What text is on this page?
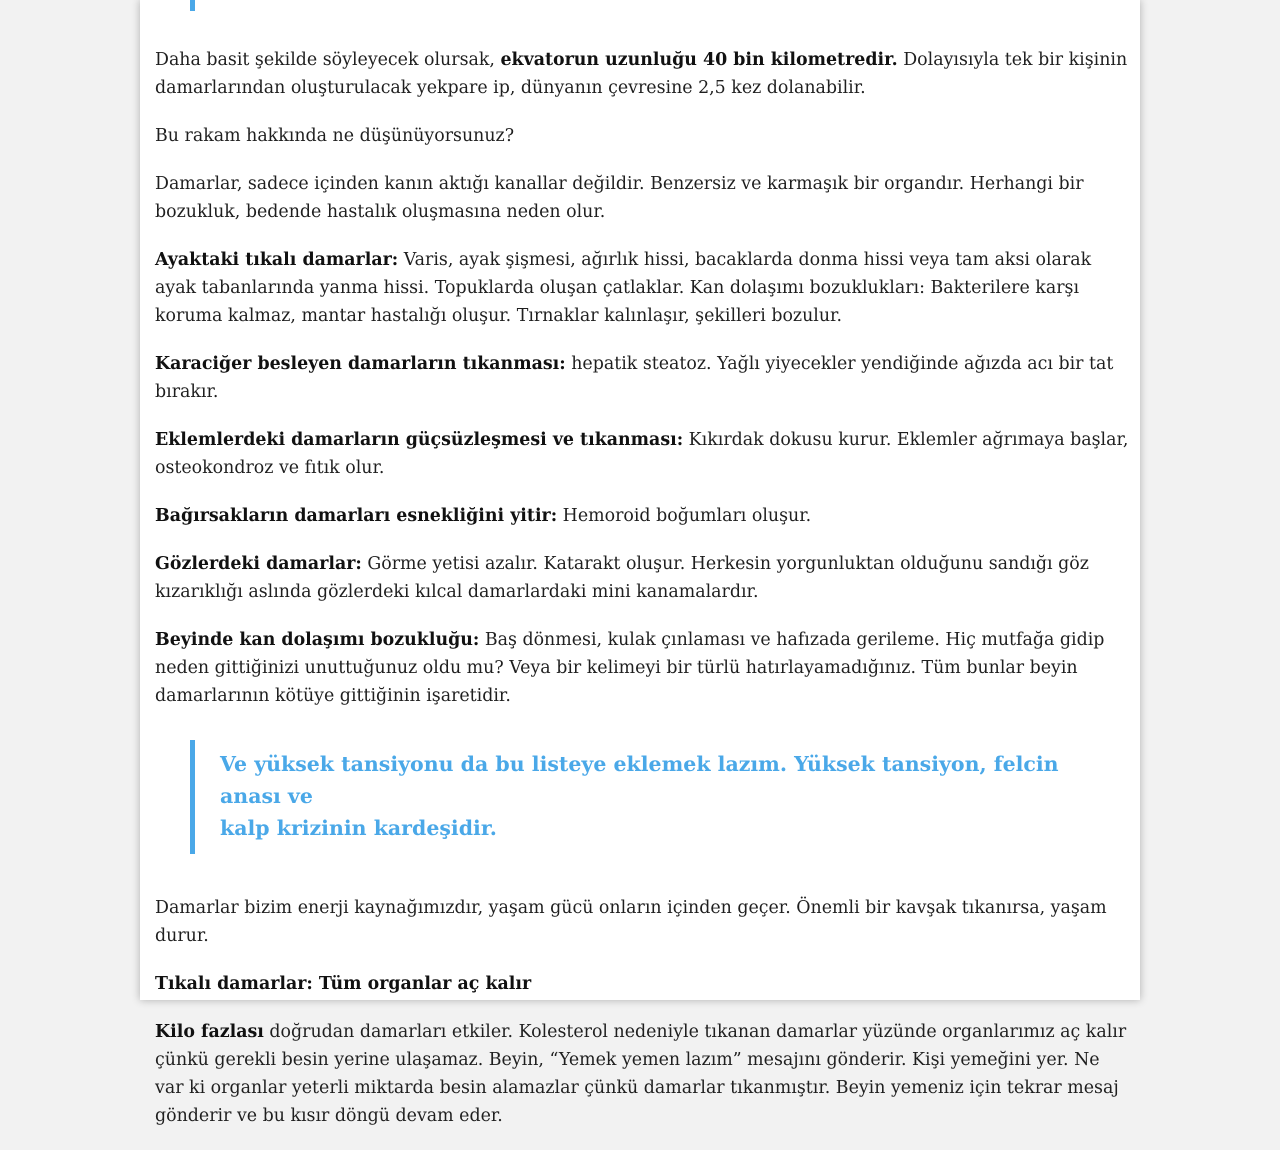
Daha basit şekilde söyleyecek olursak, ekvatorun uzunluğu 40 bin kilometredir. Dolayısıyla tek bir kişinin damarlarından oluşturulacak yekpare ip, dünyanın çevresine 2,5 kez dolanabilir.

Bu rakam hakkında ne düşünüyorsunuz?

Damarlar, sadece içinden kanın aktığı kanallar değildir. Benzersiz ve karmaşık bir organdır. Herhangi bir bozukluk, bedende hastalık oluşmasına neden olur.

Ayaktaki tıkalı damarlar: Varis, ayak şişmesi, ağırlık hissi, bacaklarda donma hissi veya tam aksi olarak ayak tabanlarında yanma hissi. Topuklarda oluşan çatlaklar. Kan dolaşımı bozuklukları: Bakterilere karşı koruma kalmaz, mantar hastalığı oluşur. Tırnaklar kalınlaşır, şekilleri bozulur.

Karaciğer besleyen damarların tıkanması: hepatik steatoz. Yağlı yiyecekler yendiğinde ağızda acı bir tat bırakır.

Eklemlerdeki damarların güçsüzleşmesi ve tıkanması: Kıkırdak dokusu kurur. Eklemler ağrımaya başlar, osteokondroz ve fıtık olur.

Bağırsakların damarları esnekliğini yitir: Hemoroid boğumları oluşur.

Gözlerdeki damarlar: Görme yetisi azalır. Katarakt oluşur. Herkesin yorgunluktan olduğunu sandığı göz kızarıklığı aslında gözlerdeki kılcal damarlardaki mini kanamalardır.

Beyinde kan dolaşımı bozukluğu: Baş dönmesi, kulak çınlaması ve hafızada gerileme. Hiç mutfağa gidip neden gittiğinizi unuttuğunuz oldu mu? Veya bir kelimeyi bir türlü hatırlayamadığınız. Tüm bunlar beyin damarlarının kötüye gittiğinin işaretidir.

Ve yüksek tansiyonu da bu listeye eklemek lazım. Yüksek tansiyon, felcin anası ve
kalp krizinin kardeşidir.

Damarlar bizim enerji kaynağımızdır, yaşam gücü onların içinden geçer. Önemli bir kavşak tıkanırsa, yaşam durur.

Tıkalı damarlar: Tüm organlar aç kalır

Kilo fazlası doğrudan damarları etkiler. Kolesterol nedeniyle tıkanan damarlar yüzünde organlarımız aç kalır çünkü gerekli besin yerine ulaşamaz. Beyin, “Yemek yemen lazım” mesajını gönderir. Kişi yemeğini yer. Ne var ki organlar yeterli miktarda besin alamazlar çünkü damarlar tıkanmıştır. Beyin yemeniz için tekrar mesaj gönderir ve bu kısır döngü devam eder.
